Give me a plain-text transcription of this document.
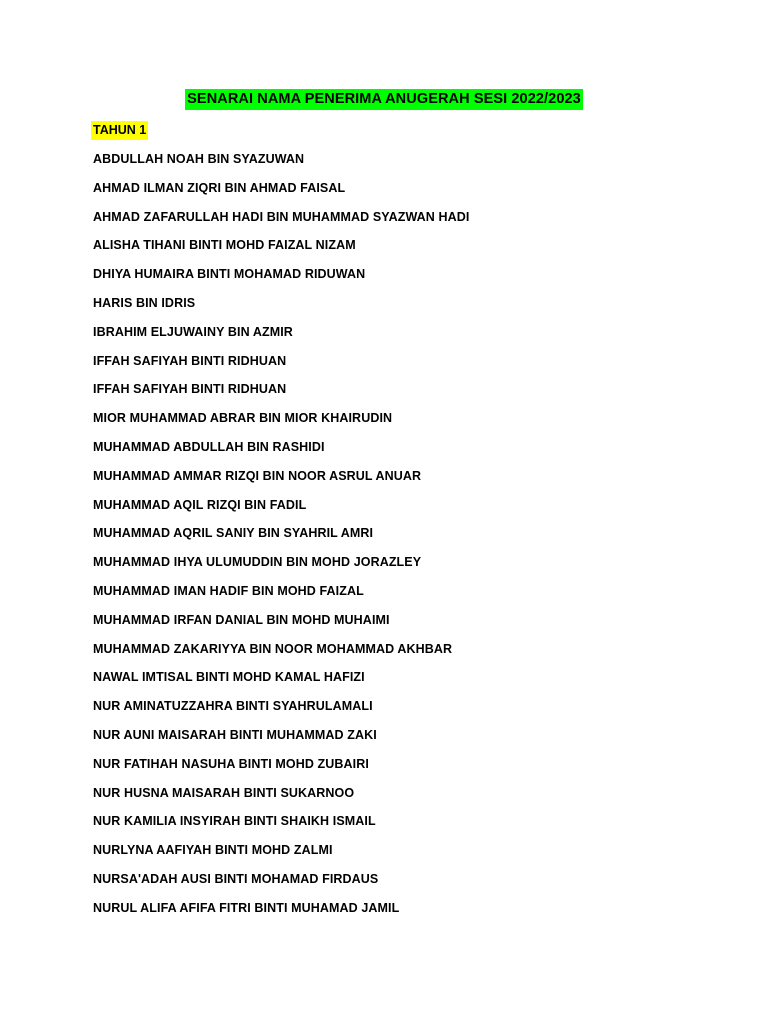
SENARAI NAMA PENERIMA ANUGERAH SESI 2022/2023
TAHUN 1
ABDULLAH NOAH BIN SYAZUWAN
AHMAD ILMAN ZIQRI BIN AHMAD FAISAL
AHMAD ZAFARULLAH HADI BIN MUHAMMAD SYAZWAN HADI
ALISHA TIHANI BINTI MOHD FAIZAL NIZAM
DHIYA HUMAIRA BINTI MOHAMAD RIDUWAN
HARIS BIN IDRIS
IBRAHIM ELJUWAINY BIN AZMIR
IFFAH SAFIYAH BINTI RIDHUAN
IFFAH SAFIYAH BINTI RIDHUAN
MIOR MUHAMMAD ABRAR BIN MIOR KHAIRUDIN
MUHAMMAD ABDULLAH BIN RASHIDI
MUHAMMAD AMMAR RIZQI BIN NOOR ASRUL ANUAR
MUHAMMAD AQIL RIZQI BIN FADIL
MUHAMMAD AQRIL SANIY BIN SYAHRIL AMRI
MUHAMMAD IHYA ULUMUDDIN BIN MOHD JORAZLEY
MUHAMMAD IMAN HADIF BIN MOHD FAIZAL
MUHAMMAD IRFAN DANIAL BIN MOHD MUHAIMI
MUHAMMAD ZAKARIYYA BIN NOOR MOHAMMAD AKHBAR
NAWAL IMTISAL BINTI MOHD KAMAL HAFIZI
NUR AMINATUZZAHRA BINTI SYAHRULAMALI
NUR AUNI MAISARAH BINTI MUHAMMAD ZAKI
NUR FATIHAH NASUHA BINTI MOHD ZUBAIRI
NUR HUSNA MAISARAH BINTI SUKARNOO
NUR KAMILIA INSYIRAH BINTI SHAIKH ISMAIL
NURLYNA AAFIYAH BINTI MOHD ZALMI
NURSA'ADAH AUSI BINTI MOHAMAD FIRDAUS
NURUL ALIFA AFIFA FITRI BINTI MUHAMAD JAMIL
